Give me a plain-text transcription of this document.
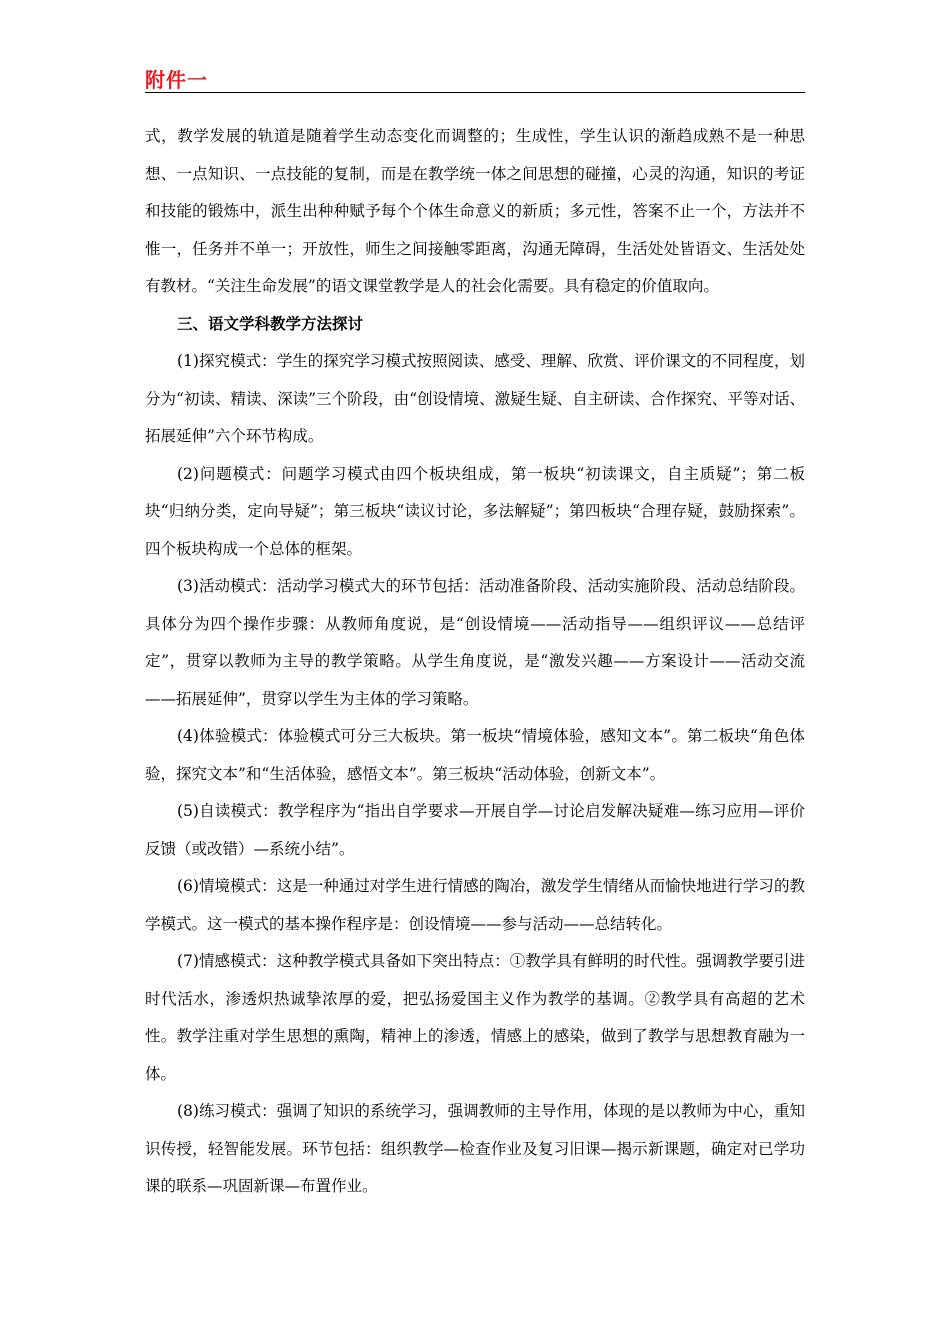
附件一

式，教学发展的轨道是随着学生动态变化而调整的；生成性，学生认识的渐趋成熟不是一种思想、一点知识、一点技能的复制，而是在教学统一体之间思想的碰撞，心灵的沟通，知识的考证和技能的锻炼中，派生出种种赋予每个个体生命意义的新质；多元性，答案不止一个，方法并不惟一，任务并不单一；开放性，师生之间接触零距离，沟通无障碍，生活处处皆语文、生活处处有教材。“关注生命发展”的语文课堂教学是人的社会化需要。具有稳定的价值取向。

三、语文学科教学方法探讨

(1)探究模式：学生的探究学习模式按照阅读、感受、理解、欣赏、评价课文的不同程度，划分为“初读、精读、深读”三个阶段，由“创设情境、激疑生疑、自主研读、合作探究、平等对话、拓展延伸”六个环节构成。

(2)问题模式：问题学习模式由四个板块组成，第一板块“初读课文，自主质疑”；第二板块“归纳分类，定向导疑”；第三板块“读议讨论，多法解疑”；第四板块“合理存疑，鼓励探索”。四个板块构成一个总体的框架。

(3)活动模式：活动学习模式大的环节包括：活动准备阶段、活动实施阶段、活动总结阶段。具体分为四个操作步骤：从教师角度说，是“创设情境——活动指导——组织评议——总结评定”，贯穿以教师为主导的教学策略。从学生角度说，是“激发兴趣——方案设计——活动交流——拓展延伸”，贯穿以学生为主体的学习策略。

(4)体验模式：体验模式可分三大板块。第一板块“情境体验，感知文本”。第二板块“角色体验，探究文本”和“生活体验，感悟文本”。第三板块“活动体验，创新文本”。

(5)自读模式：教学程序为“指出自学要求—开展自学—讨论启发解决疑难—练习应用—评价反馈（或改错）—系统小结”。

(6)情境模式：这是一种通过对学生进行情感的陶冶，激发学生情绪从而愉快地进行学习的教学模式。这一模式的基本操作程序是：创设情境——参与活动——总结转化。

(7)情感模式：这种教学模式具备如下突出特点：①教学具有鲜明的时代性。强调教学要引进时代活水，渗透炽热诚挚浓厚的爱，把弘扬爱国主义作为教学的基调。②教学具有高超的艺术性。教学注重对学生思想的熏陶，精神上的渗透，情感上的感染，做到了教学与思想教育融为一体。

(8)练习模式：强调了知识的系统学习，强调教师的主导作用，体现的是以教师为中心，重知识传授，轻智能发展。环节包括：组织教学—检查作业及复习旧课—揭示新课题，确定对已学功课的联系—巩固新课—布置作业。
